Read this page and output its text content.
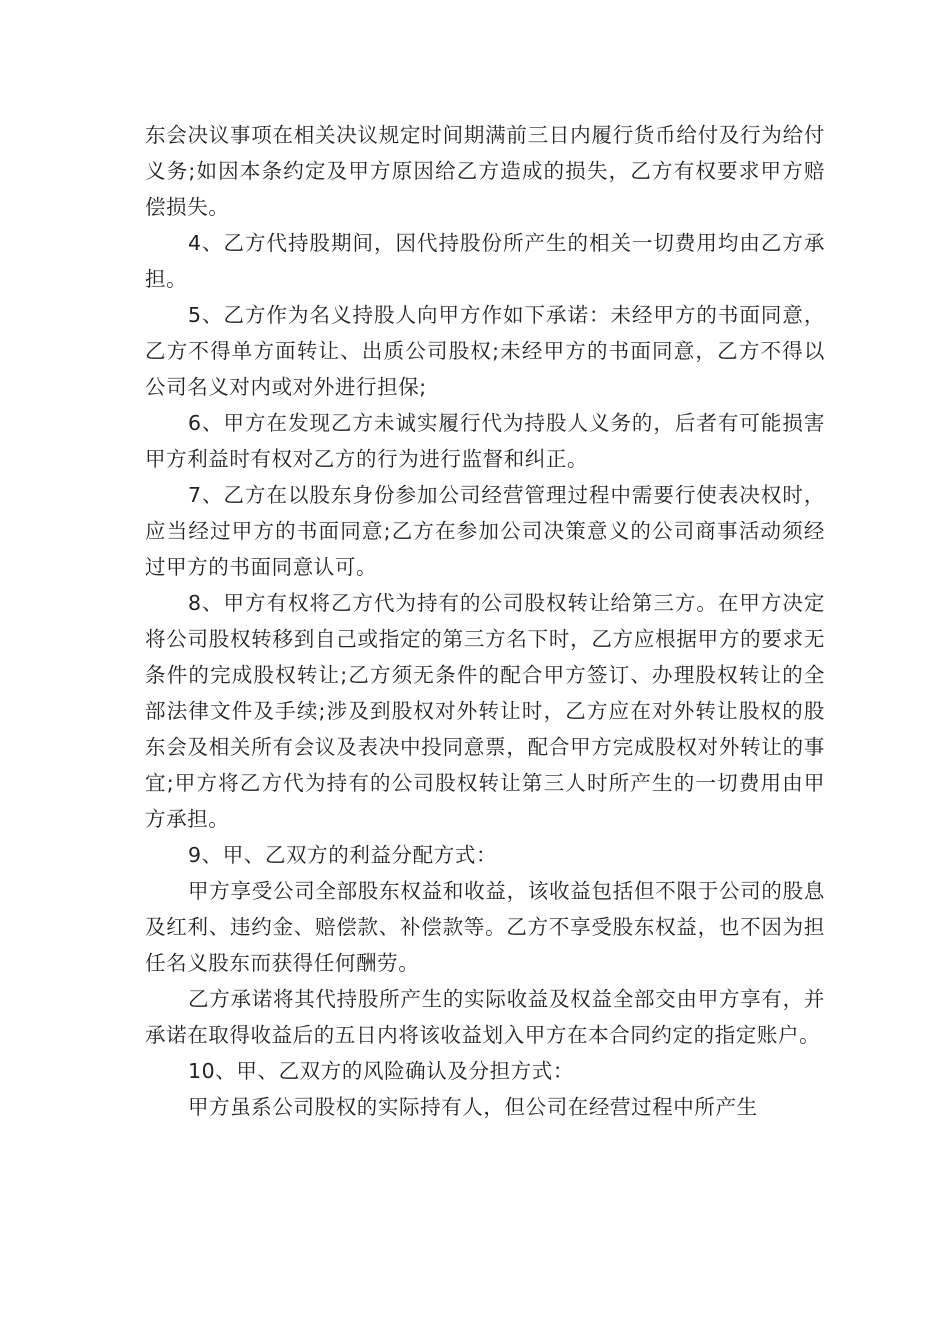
东会决议事项在相关决议规定时间期满前三日内履行货币给付及行为给付义务;如因本条约定及甲方原因给乙方造成的损失，乙方有权要求甲方赔偿损失。

4、乙方代持股期间，因代持股份所产生的相关一切费用均由乙方承担。

5、乙方作为名义持股人向甲方作如下承诺：未经甲方的书面同意，乙方不得单方面转让、出质公司股权;未经甲方的书面同意，乙方不得以公司名义对内或对外进行担保;

6、甲方在发现乙方未诚实履行代为持股人义务的，后者有可能损害甲方利益时有权对乙方的行为进行监督和纠正。

7、乙方在以股东身份参加公司经营管理过程中需要行使表决权时，应当经过甲方的书面同意;乙方在参加公司决策意义的公司商事活动须经过甲方的书面同意认可。

8、甲方有权将乙方代为持有的公司股权转让给第三方。在甲方决定将公司股权转移到自己或指定的第三方名下时，乙方应根据甲方的要求无条件的完成股权转让;乙方须无条件的配合甲方签订、办理股权转让的全部法律文件及手续;涉及到股权对外转让时，乙方应在对外转让股权的股东会及相关所有会议及表决中投同意票，配合甲方完成股权对外转让的事宜;甲方将乙方代为持有的公司股权转让第三人时所产生的一切费用由甲方承担。

9、甲、乙双方的利益分配方式：

甲方享受公司全部股东权益和收益，该收益包括但不限于公司的股息及红利、违约金、赔偿款、补偿款等。乙方不享受股东权益，也不因为担任名义股东而获得任何酬劳。

乙方承诺将其代持股所产生的实际收益及权益全部交由甲方享有，并承诺在取得收益后的五日内将该收益划入甲方在本合同约定的指定账户。

10、甲、乙双方的风险确认及分担方式：

甲方虽系公司股权的实际持有人，但公司在经营过程中所产生
